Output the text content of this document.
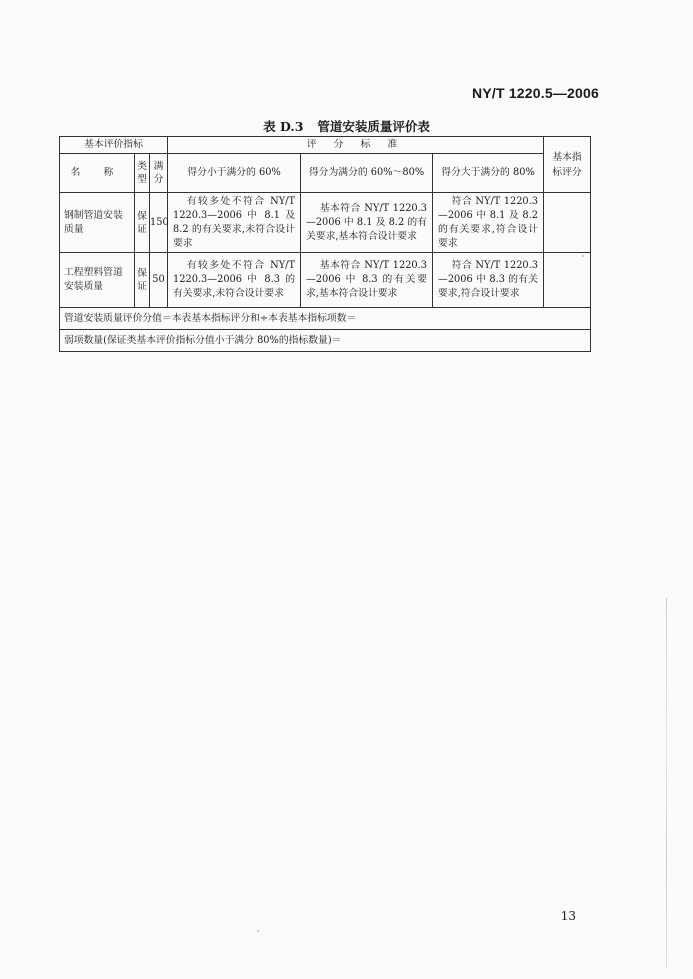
NY/T 1220.5—2006
表 D.3 管道安装质量评价表
基本评价指标			评 分 标 准			基本指标评分
名 称	类型	满分	得分小于满分的 60%	得分为满分的 60%～80%	得分大于满分的 80%	
钢制管道安装质量	保证	150	有较多处不符合 NY/T 1220.3—2006 中 8.1 及 8.2 的有关要求,未符合设计要求	基本符合 NY/T 1220.3—2006 中 8.1 及 8.2 的有关要求,基本符合设计要求	符合 NY/T 1220.3—2006 中 8.1 及 8.2 的有关要求,符合设计要求	
工程塑料管道安装质量	保证	50	有较多处不符合 NY/T 1220.3—2006 中 8.3 的有关要求,未符合设计要求	基本符合 NY/T 1220.3—2006 中 8.3 的有关要求,基本符合设计要求	符合 NY/T 1220.3—2006 中 8.3 的有关要求,符合设计要求	
管道安装质量评价分值＝本表基本指标评分和÷本表基本指标项数＝						
弱项数量(保证类基本评价指标分值小于满分 80%的指标数量)＝						
13
